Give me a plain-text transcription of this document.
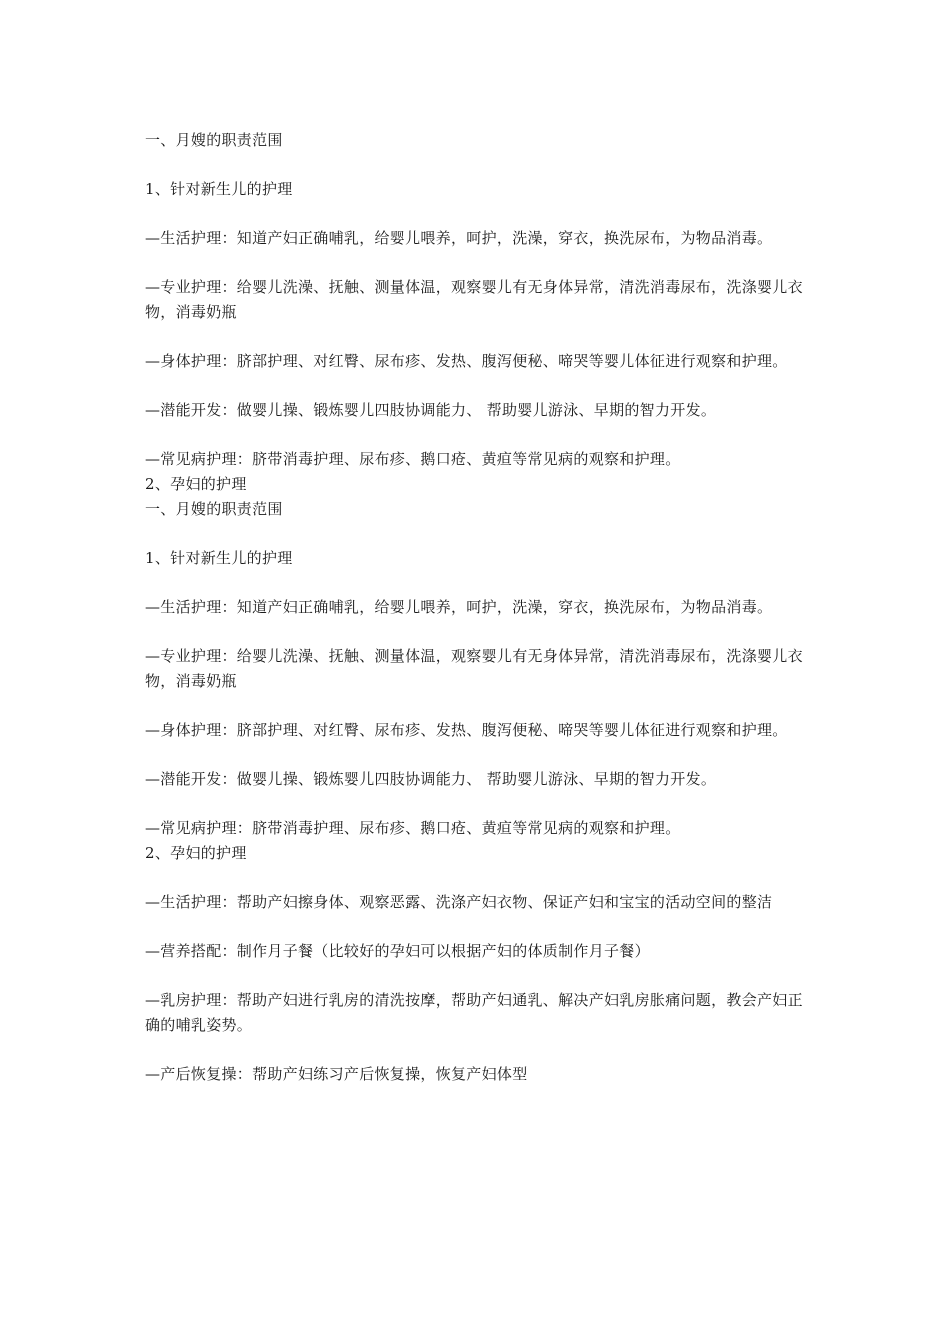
一、月嫂的职责范围

1、针对新生儿的护理

—生活护理：知道产妇正确哺乳，给婴儿喂养，呵护，洗澡，穿衣，换洗尿布，为物品消毒。

—专业护理：给婴儿洗澡、抚触、测量体温，观察婴儿有无身体异常，清洗消毒尿布，洗涤婴儿衣物，消毒奶瓶

—身体护理：脐部护理、对红臀、尿布疹、发热、腹泻便秘、啼哭等婴儿体征进行观察和护理。

—潜能开发：做婴儿操、锻炼婴儿四肢协调能力、 帮助婴儿游泳、早期的智力开发。

—常见病护理：脐带消毒护理、尿布疹、鹅口疮、黄疸等常见病的观察和护理。

2、孕妇的护理

一、月嫂的职责范围

1、针对新生儿的护理

—生活护理：知道产妇正确哺乳，给婴儿喂养，呵护，洗澡，穿衣，换洗尿布，为物品消毒。

—专业护理：给婴儿洗澡、抚触、测量体温，观察婴儿有无身体异常，清洗消毒尿布，洗涤婴儿衣物，消毒奶瓶

—身体护理：脐部护理、对红臀、尿布疹、发热、腹泻便秘、啼哭等婴儿体征进行观察和护理。

—潜能开发：做婴儿操、锻炼婴儿四肢协调能力、 帮助婴儿游泳、早期的智力开发。

—常见病护理：脐带消毒护理、尿布疹、鹅口疮、黄疸等常见病的观察和护理。

2、孕妇的护理

—生活护理：帮助产妇擦身体、观察恶露、洗涤产妇衣物、保证产妇和宝宝的活动空间的整洁

—营养搭配：制作月子餐（比较好的孕妇可以根据产妇的体质制作月子餐）

—乳房护理：帮助产妇进行乳房的清洗按摩，帮助产妇通乳、解决产妇乳房胀痛问题，教会产妇正确的哺乳姿势。

—产后恢复操：帮助产妇练习产后恢复操，恢复产妇体型
